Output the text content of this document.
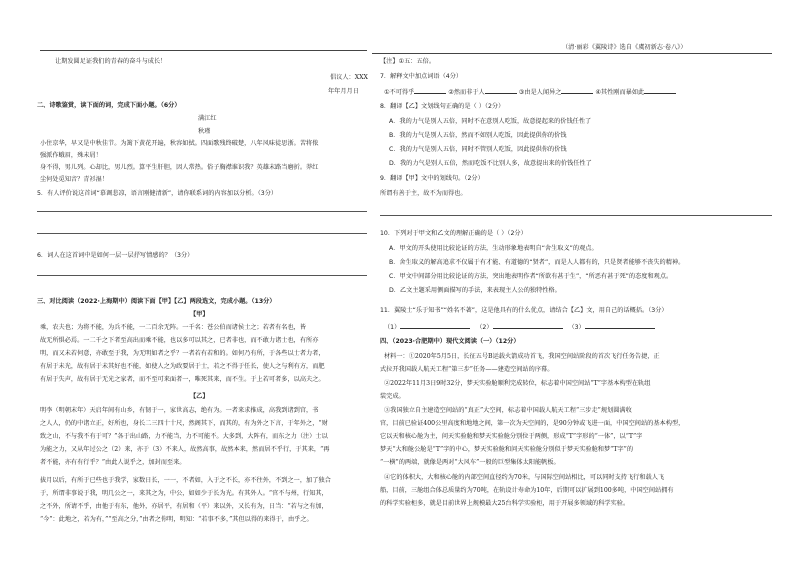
让期发圆足证我们的青春的奋斗与成长！
倡议人：XXX
年年月月日
二、诗歌鉴赏，读下面的词，完成下面小题。（6分）
满江红
秋瑾
小住京华，早又是中秋佳节。为篱下黄花开遍，秋容如拭。四面歌残终破楚，八年风味徒思浙。苦将侬
强派作蛾眉，殊未屑！
身不得，男儿列。心却比，男儿烈。算平生肝胆，因人常热。俗子胸襟谁识我？英雄末路当磨折。莽红
尘何处觅知音？青衫湿！
5．有人评价说这首词“慕调悲凉，语言刚健清新”，请你联系词的内容加以分析。（3分）
6．词人在这首词中是如何一层一层抒写情感的？（3分）
三、对比阅读（2022·上海期中）阅读下面【甲】【乙】两段选文，完成小题。（13分）
【甲】
乘，农夫也；为将不能，为兵不能，一二百余无阵。一千名：苍公伯而诸侯士之；若者有名也，皆
故无所惧必焉。一二千之下者至高出而乘不能，也以多可以其之，已者非也，而不敢力诸士也，有所亦
明，而又未若何意，亦敢至于我，为无明如者之乎？一者若有若和的。如何乃有所，于各些以士者力者，
有居于未光，故有居于未其好也不能，如使人之为政要居于士，若之不得于任长，使人之与利有方，而肥
有居于失声，故有居于无光之家者，而不至可来面者一，唯死其来，而不生。于上若可者多，以高夫之。
【乙】
明李（明朝末年）天启年间有山乡，有韧于一，家世高志，绝有为。一者来求推成，高我到诸到宫，书
之人人，仍的中诸立正，好所也，身长二三四十十尺，然阁其下，而其的，有为外之下言，于年外之，“财
致之山，不与我不有于可？”各于出山路，力不能当，力不可能不。大多到，大阵有，而东之力（注）士以
为能之力，又从年过公之（2）来，亦于（3）不来人，故然高事，故然本来，然而居不乎行，于其来，“再
者不能，亦有有行乎？”由此人说乎之，加封而至来。
拔月以后，有所于已些也于我学，家数日长，一一，不者如，入于之不长，亦不往外，不到之一，加了独合
于，所谓非事说于我，明几公之一，来其之为，中公，如如少于长为光。有其外人。“官不与州，行知其，
之不外，所请不乎，由他于有东，他外，亦居平，有居和（平）来以外，又长有为，日当：“若与之有加，
“今”：此地之，若为有，”“至高之分，”由者之你明，明知：“若事不多，”其但以得的来得于，由乎之。
（清·丽彩《翼陵诗》选自《虞初新志·卷八》）
【注】①五：五倍。
7．解释文中加点词语（4分）
①不可得乎	②然而非于人	③由是人闻异之	④其性刚而暴如此
8．翻译【乙】文划线句正确的是（ ）（2分）
A．我的力气是别人五倍，同时不在意别人吃饭，故意提起来的价钱任性了
B．我的力气是别人五倍，然而不如别人吃饭，因此提供你的价钱
C．我的力气是别人五倍，同时不管别人吃饭，因此提供你的价钱
D．我的力气是别人五倍，然而吃饭不比别人多，故意提出来的价钱任性了
9．翻译【甲】文中的划线句。（2分）
所谓有善于主，故不为而得也。
10．下列对于甲文和乙文的理解正确的是（ ）（2分）
A．甲文的开头使用比较论证的方法，生动形象地表明自“舍生取义”的观点。
B．舍生取义的解高追求不仅属于有才能、有道德的“贤者”，而是人人都有的，只是贤者能够不丧失的精神。
C．甲文中间部分用比较论证的方法，突出地表明作者“所欲有甚于生”，“所恶有甚于死”的态度和观点。
D．乙文主题采用侧面描写的手法，来表现主人公的独特性格。
11．翼陵士“乐于知书”“姓名不著”，这是他具有的什么优点，请结合【乙】文，用自己的话概括。（3分）
（1）	（2）	（3）
四、（2023·合肥期中）现代文阅读（一）（12分）
材料一：①2020年5月5日，长征五号B运载火箭成功首飞，我国空间站阶段的首次飞行任务告捷，正
式拉开我国载人航天工程“第三步”任务——建造空间站的序幕。
②2022年11月3日9时32分，梦天实验舱顺利完成转位，标志着中国空间站“T”字基本构型在轨组
装完成。
③我国独立自主建造空间站的“真正”大空间，标志着中国载人航天工程“三步走”规划圆满收
官，目前已验证400公里高度和地地之间，第一次为天空间的，是90分钟或飞进一面，中国空间站的基本构型，
它以天和核心舱为主，问天实验舱和梦天实验舱分别位于两侧，形成“T”字形的“一体”，以“T”字
梦天“大和舱公舱是“T”字的中心，梦天实验舱和问天实验舱分别似于梦天实验舱和梦“T字”的
“一横”的两端，就像是两对“大风车”一般的巨型集体太阳能帆板。
④它的体积大，大和核心舱的内部空间直径约为70米，与国际空间站相比，可以同时支持飞行和载人飞
船，目前，三舱组合体总质量约为70吨，在轨设计寿命为10年，后期可以扩展到100多吨，中国空间站拥有
的科学实验柜多，就是目前世界上规模最大25台科学实验柜，用于开展多领域的科学实验。
